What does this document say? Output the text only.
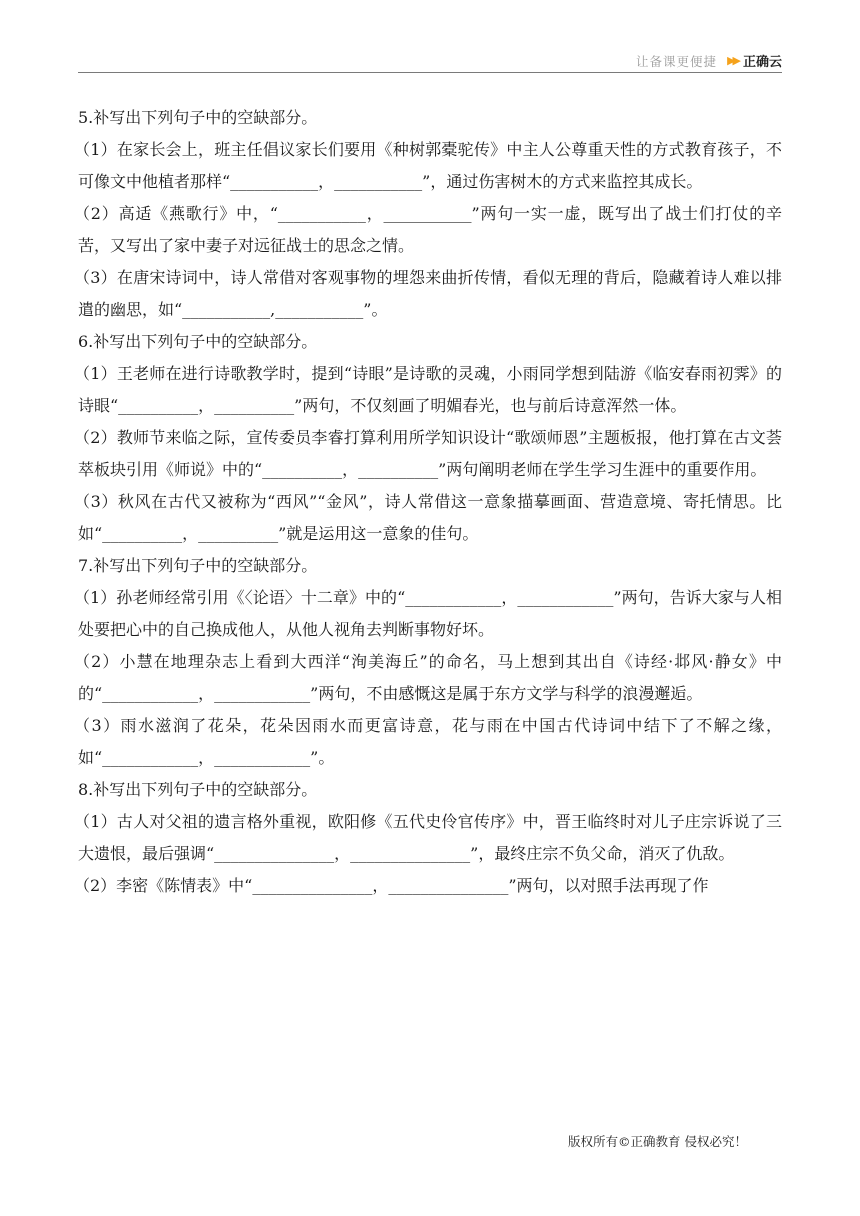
让备课更便捷 ▶▶ 正确云

5.补写出下列句子中的空缺部分。

（1）在家长会上，班主任倡议家长们要用《种树郭橐驼传》中主人公尊重天性的方式教育孩子，不可像文中他植者那样“___________，___________”，通过伤害树木的方式来监控其成长。

（2）高适《燕歌行》中，“___________，___________”两句一实一虚，既写出了战士们打仗的辛苦，又写出了家中妻子对远征战士的思念之情。

（3）在唐宋诗词中，诗人常借对客观事物的埋怨来曲折传情，看似无理的背后，隐藏着诗人难以排遣的幽思，如“___________,___________”。

6.补写出下列句子中的空缺部分。

（1）王老师在进行诗歌教学时，提到“诗眼”是诗歌的灵魂，小雨同学想到陆游《临安春雨初霁》的诗眼“__________，__________”两句，不仅刻画了明媚春光，也与前后诗意浑然一体。

（2）教师节来临之际，宣传委员李睿打算利用所学知识设计“歌颂师恩”主题板报，他打算在古文荟萃板块引用《师说》中的“__________，__________”两句阐明老师在学生学习生涯中的重要作用。

（3）秋风在古代又被称为“西风”“金风”，诗人常借这一意象描摹画面、营造意境、寄托情思。比如“__________，__________”就是运用这一意象的佳句。

7.补写出下列句子中的空缺部分。

（1）孙老师经常引用《〈论语〉十二章》中的“____________，____________”两句，告诉大家与人相处要把心中的自己换成他人，从他人视角去判断事物好坏。

（2）小慧在地理杂志上看到大西洋“洵美海丘”的命名，马上想到其出自《诗经·邶风·静女》中的“____________，____________”两句，不由感慨这是属于东方文学与科学的浪漫邂逅。

（3）雨水滋润了花朵，花朵因雨水而更富诗意，花与雨在中国古代诗词中结下了不解之缘，如“____________，____________”。

8.补写出下列句子中的空缺部分。

（1）古人对父祖的遗言格外重视，欧阳修《五代史伶官传序》中，晋王临终时对儿子庄宗诉说了三大遗恨，最后强调“_______________，_______________”，最终庄宗不负父命，消灭了仇敌。

（2）李密《陈情表》中“_______________，_______________”两句，以对照手法再现了作

版权所有©正确教育 侵权必究！
